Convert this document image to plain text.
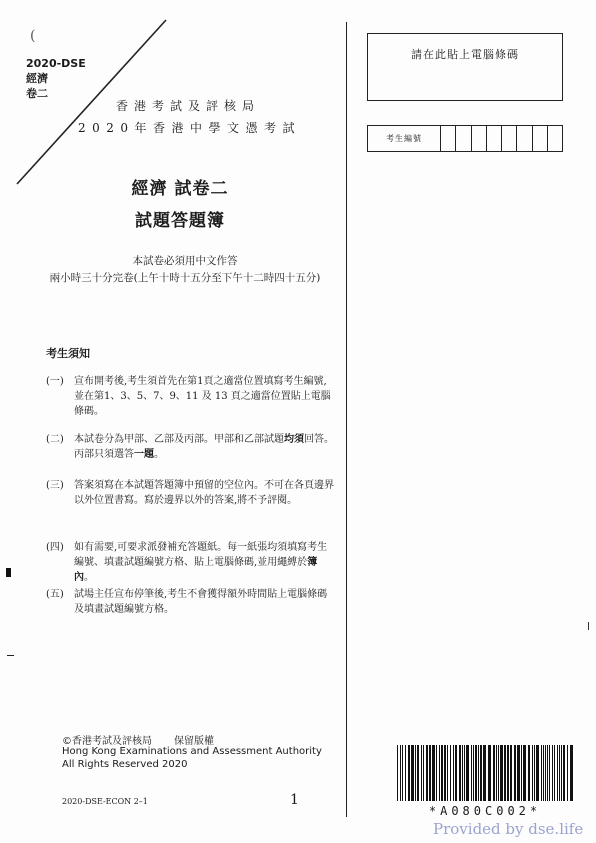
(
2020-DSE
經濟
卷二
香港考試及評核局
2020年香港中學文憑考試
經濟 試卷二
試題答題簿
本試卷必須用中文作答
兩小時三十分完卷(上午十時十五分至下午十二時四十五分)
考生須知
(一) 宣布開考後,考生須首先在第1頁之適當位置填寫考生編號,並在第1、3、5、7、9、11 及 13 頁之適當位置貼上電腦條碼。
(二) 本試卷分為甲部、乙部及丙部。甲部和乙部試題均須回答。丙部只須選答一題。
(三) 答案須寫在本試題答題簿中預留的空位內。不可在各頁邊界以外位置書寫。寫於邊界以外的答案,將不予評閱。
(四) 如有需要,可要求派發補充答題紙。每一紙張均須填寫考生編號、填畫試題編號方格、貼上電腦條碼,並用繩縛於簿內。
(五) 試場主任宣布停筆後,考生不會獲得額外時間貼上電腦條碼及填畫試題編號方格。
請在此貼上電腦條碼
考生編號
©香港考試及評核局 保留版權
Hong Kong Examinations and Assessment Authority
All Rights Reserved 2020
2020-DSE-ECON 2–1	1
*A080C002*
Provided by dse.life
